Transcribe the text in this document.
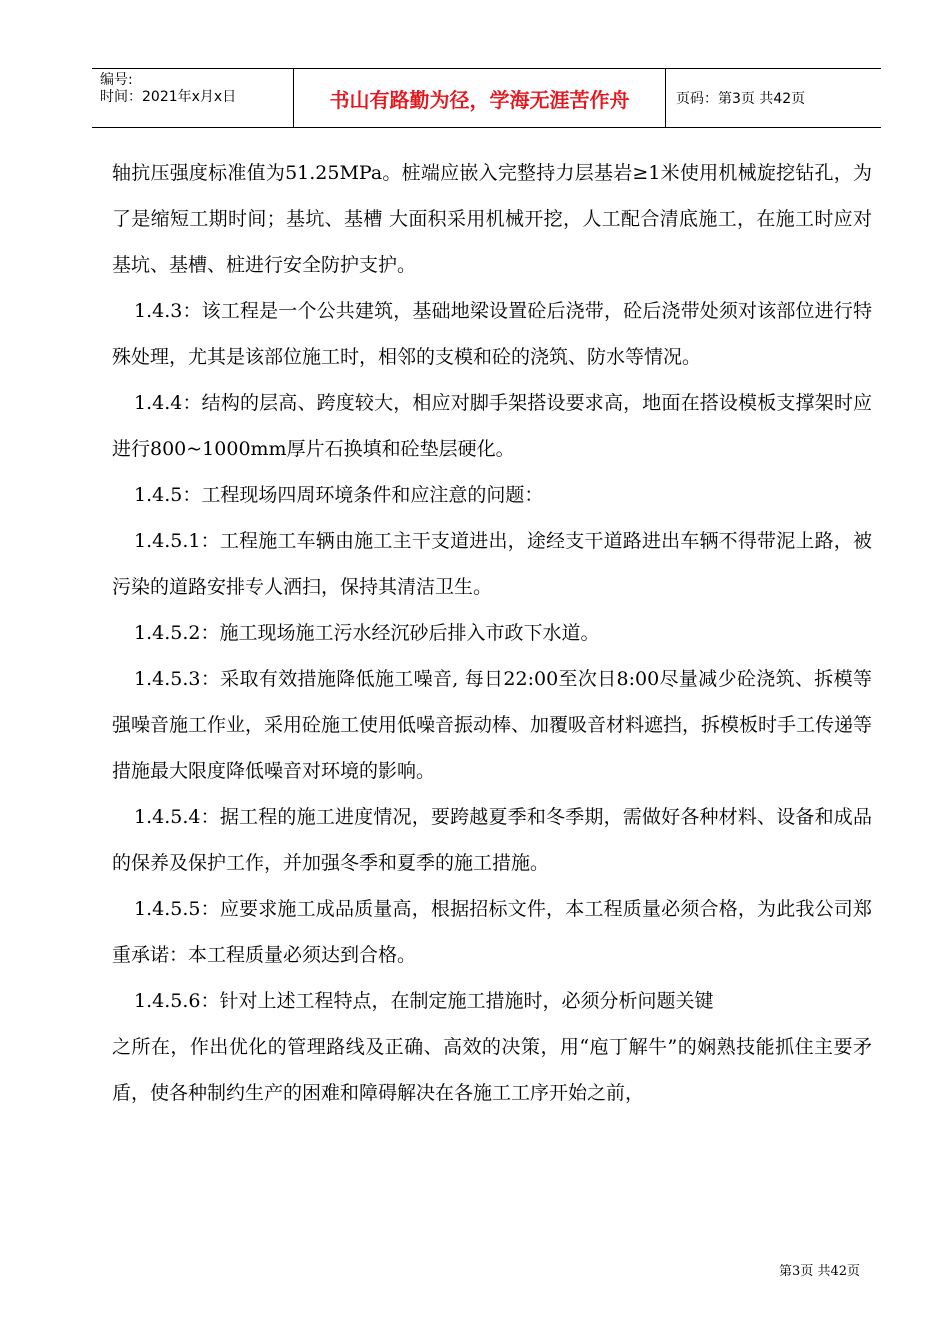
编号:
时间：2021年x月x日	书山有路勤为径，学海无涯苦作舟	页码：第3页 共42页

轴抗压强度标准值为51.25MPa。桩端应嵌入完整持力层基岩≥1米使用机械旋挖钻孔，为了是缩短工期时间；基坑、基槽 大面积采用机械开挖，人工配合清底施工，在施工时应对基坑、基槽、桩进行安全防护支护。

1.4.3：该工程是一个公共建筑，基础地梁设置砼后浇带，砼后浇带处须对该部位进行特殊处理，尤其是该部位施工时，相邻的支模和砼的浇筑、防水等情况。

1.4.4：结构的层高、跨度较大，相应对脚手架搭设要求高，地面在搭设模板支撑架时应进行800~1000mm厚片石换填和砼垫层硬化。

1.4.5：工程现场四周环境条件和应注意的问题：

1.4.5.1：工程施工车辆由施工主干支道进出，途经支干道路进出车辆不得带泥上路，被污染的道路安排专人洒扫，保持其清洁卫生。

1.4.5.2：施工现场施工污水经沉砂后排入市政下水道。

1.4.5.3：采取有效措施降低施工噪音, 每日22:00至次日8:00尽量减少砼浇筑、拆模等强噪音施工作业，采用砼施工使用低噪音振动棒、加覆吸音材料遮挡，拆模板时手工传递等措施最大限度降低噪音对环境的影响。

1.4.5.4：据工程的施工进度情况，要跨越夏季和冬季期，需做好各种材料、设备和成品的保养及保护工作，并加强冬季和夏季的施工措施。

1.4.5.5：应要求施工成品质量高，根据招标文件，本工程质量必须合格，为此我公司郑重承诺：本工程质量必须达到合格。

1.4.5.6：针对上述工程特点，在制定施工措施时，必须分析问题关键

之所在，作出优化的管理路线及正确、高效的决策，用“庖丁解牛”的娴熟技能抓住主要矛盾，使各种制约生产的困难和障碍解决在各施工工序开始之前，

第3页 共42页
